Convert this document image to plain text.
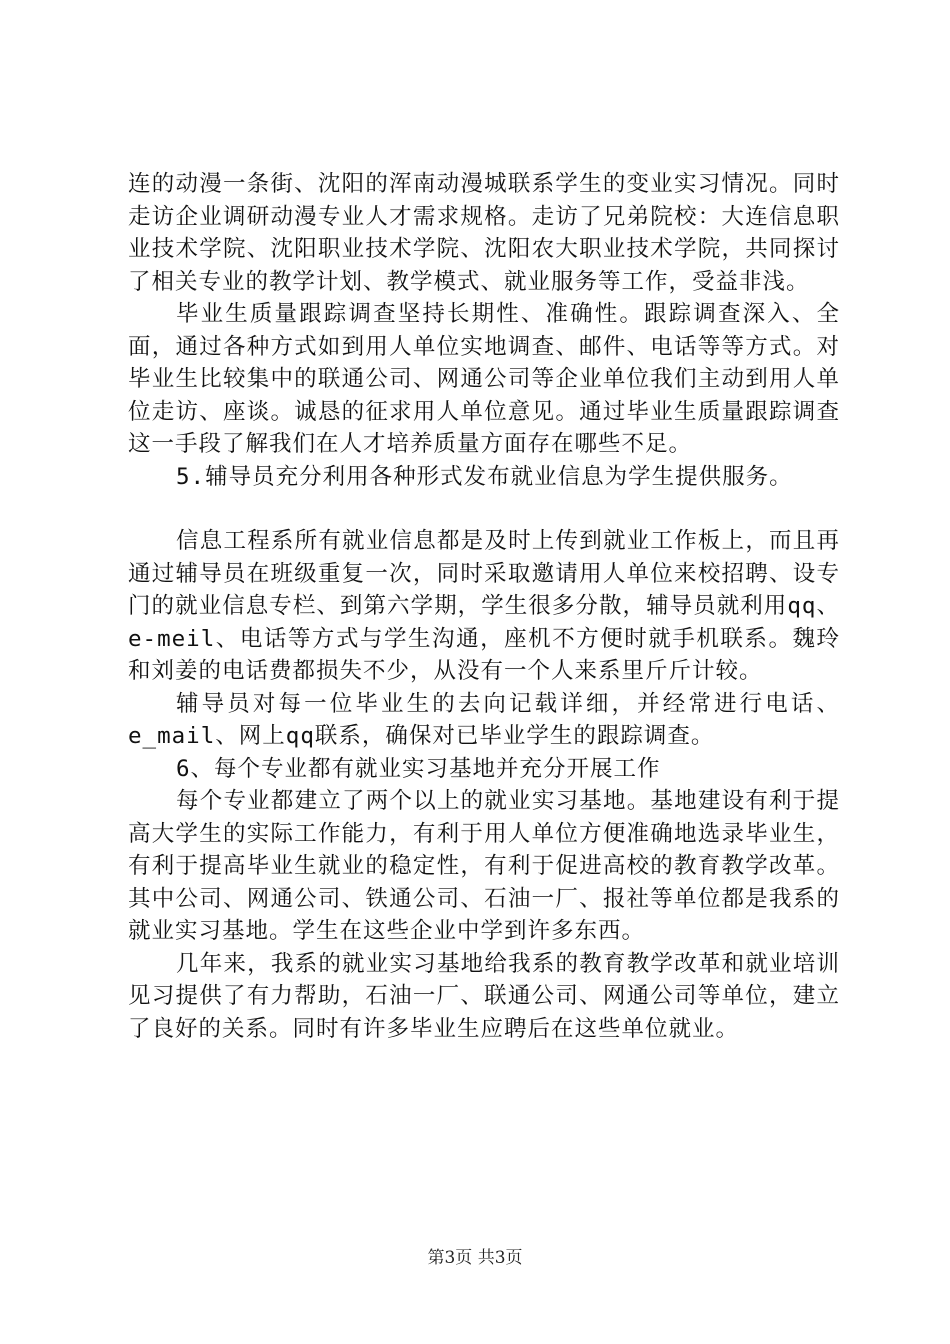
连的动漫一条街、沈阳的浑南动漫城联系学生的变业实习情况。同时走访企业调研动漫专业人才需求规格。走访了兄弟院校：大连信息职业技术学院、沈阳职业技术学院、沈阳农大职业技术学院，共同探讨了相关专业的教学计划、教学模式、就业服务等工作，受益非浅。

毕业生质量跟踪调查坚持长期性、准确性。跟踪调查深入、全面，通过各种方式如到用人单位实地调查、邮件、电话等等方式。对毕业生比较集中的联通公司、网通公司等企业单位我们主动到用人单位走访、座谈。诚恳的征求用人单位意见。通过毕业生质量跟踪调查这一手段了解我们在人才培养质量方面存在哪些不足。

5.辅导员充分利用各种形式发布就业信息为学生提供服务。

信息工程系所有就业信息都是及时上传到就业工作板上，而且再通过辅导员在班级重复一次，同时采取邀请用人单位来校招聘、设专门的就业信息专栏、到第六学期，学生很多分散，辅导员就利用qq、e-meil、电话等方式与学生沟通，座机不方便时就手机联系。魏玲和刘姜的电话费都损失不少，从没有一个人来系里斤斤计较。

辅导员对每一位毕业生的去向记载详细，并经常进行电话、e_mail、网上qq联系，确保对已毕业学生的跟踪调查。

6、每个专业都有就业实习基地并充分开展工作

每个专业都建立了两个以上的就业实习基地。基地建设有利于提高大学生的实际工作能力，有利于用人单位方便准确地选录毕业生，有利于提高毕业生就业的稳定性，有利于促进高校的教育教学改革。其中公司、网通公司、铁通公司、石油一厂、报社等单位都是我系的就业实习基地。学生在这些企业中学到许多东西。

几年来，我系的就业实习基地给我系的教育教学改革和就业培训见习提供了有力帮助，石油一厂、联通公司、网通公司等单位，建立了良好的关系。同时有许多毕业生应聘后在这些单位就业。

第3页 共3页
